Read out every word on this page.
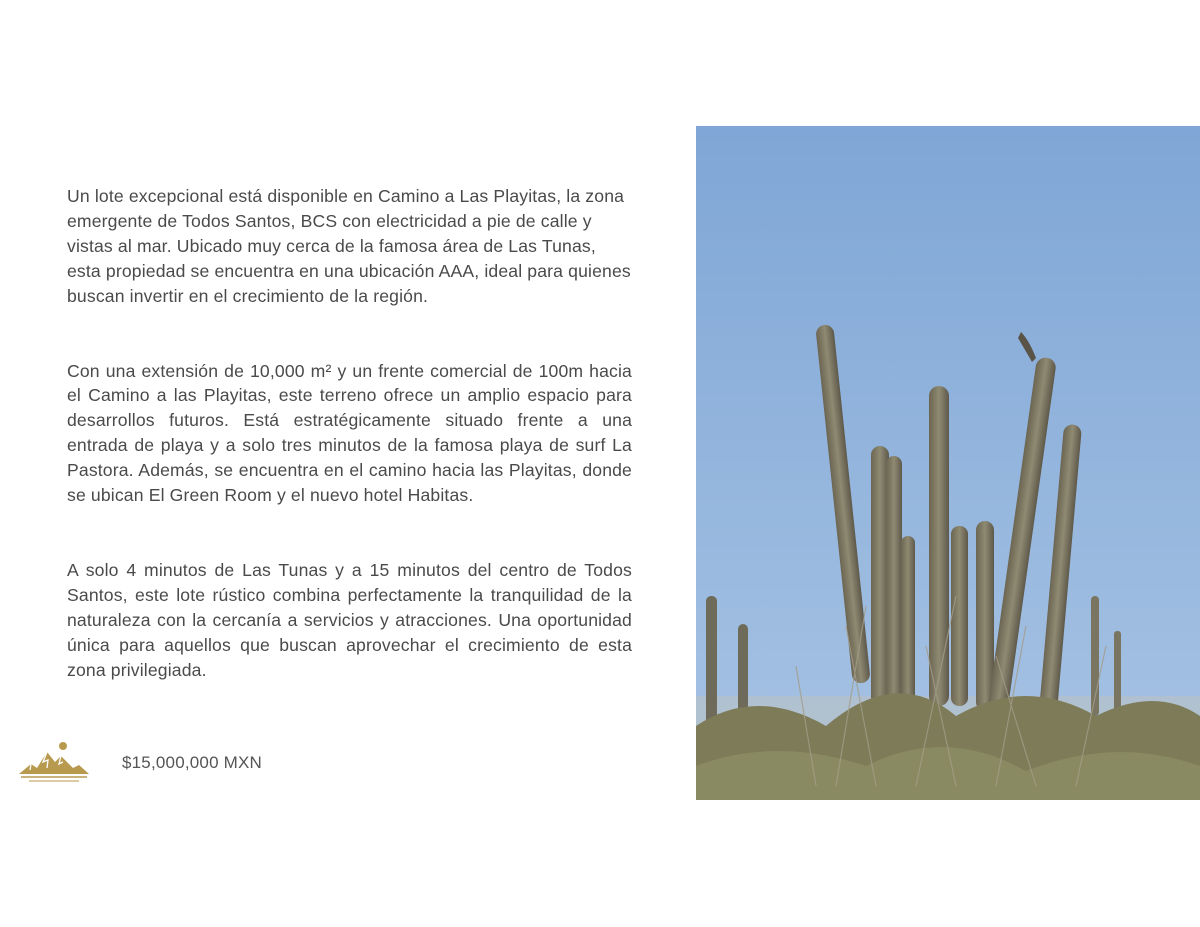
Un lote excepcional está disponible en Camino a Las Playitas, la zona emergente de Todos Santos, BCS con electricidad a pie de calle y vistas al mar. Ubicado muy cerca de la famosa área de Las Tunas, esta propiedad se encuentra en una ubicación AAA, ideal para quienes buscan invertir en el crecimiento de la región.

Con una extensión de 10,000 m² y un frente comercial de 100m hacia el Camino a las Playitas, este terreno ofrece un amplio espacio para desarrollos futuros. Está estratégicamente situado frente a una entrada de playa y a solo tres minutos de la famosa playa de surf La Pastora. Además, se encuentra en el camino hacia las Playitas, donde se ubican El Green Room y el nuevo hotel Habitas.

A solo 4 minutos de Las Tunas y a 15 minutos del centro de Todos Santos, este lote rústico combina perfectamente la tranquilidad de la naturaleza con la cercanía a servicios y atracciones. Una oportunidad única para aquellos que buscan aprovechar el crecimiento de esta zona privilegiada.

$15,000,000 MXN
